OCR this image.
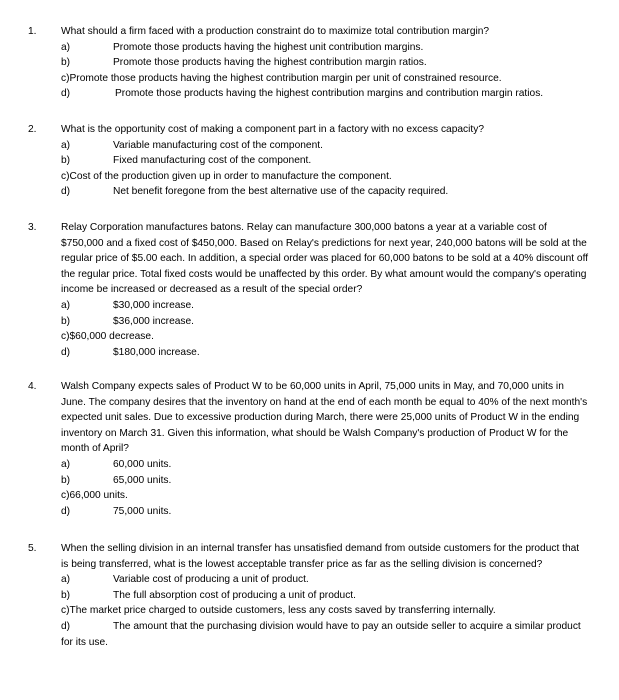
1. What should a firm faced with a production constraint do to maximize total contribution margin?
a)	Promote those products having the highest unit contribution margins.
b)	Promote those products having the highest contribution margin ratios.
c)Promote those products having the highest contribution margin per unit of constrained resource.
d)	Promote those products having the highest contribution margins and contribution margin ratios.
2. What is the opportunity cost of making a component part in a factory with no excess capacity?
a)	Variable manufacturing cost of the component.
b)	Fixed manufacturing cost of the component.
c)Cost of the production given up in order to manufacture the component.
d)	Net benefit foregone from the best alternative use of the capacity required.
3. Relay Corporation manufactures batons. Relay can manufacture 300,000 batons a year at a variable cost of $750,000 and a fixed cost of $450,000. Based on Relay's predictions for next year, 240,000 batons will be sold at the regular price of $5.00 each. In addition, a special order was placed for 60,000 batons to be sold at a 40% discount off the regular price. Total fixed costs would be unaffected by this order. By what amount would the company's operating income be increased or decreased as a result of the special order?
a)	$30,000 increase.
b)	$36,000 increase.
c)$60,000 decrease.
d)	$180,000 increase.
4. Walsh Company expects sales of Product W to be 60,000 units in April, 75,000 units in May, and 70,000 units in June. The company desires that the inventory on hand at the end of each month be equal to 40% of the next month's expected unit sales. Due to excessive production during March, there were 25,000 units of Product W in the ending inventory on March 31. Given this information, what should be Walsh Company's production of Product W for the month of April?
a)	60,000 units.
b)	65,000 units.
c)66,000 units.
d)	75,000 units.
5. When the selling division in an internal transfer has unsatisfied demand from outside customers for the product that is being transferred, what is the lowest acceptable transfer price as far as the selling division is concerned?
a)	Variable cost of producing a unit of product.
b)	The full absorption cost of producing a unit of product.
c)The market price charged to outside customers, less any costs saved by transferring internally.
d)	The amount that the purchasing division would have to pay an outside seller to acquire a similar product for its use.
